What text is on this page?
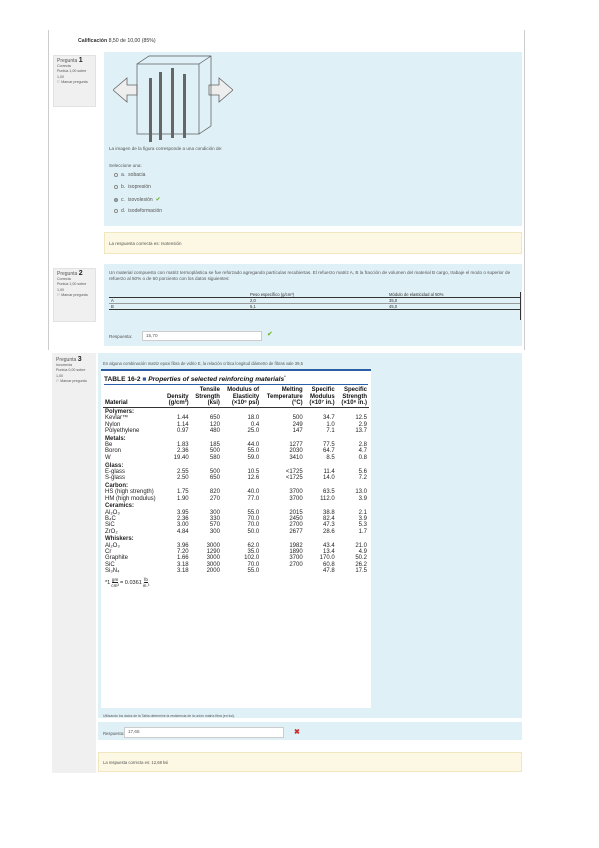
Calificación 8,50 de 10,00 (85%)
Pregunta 1
Correcta
Puntúa 1,00 sobre 1,00
⚐ Marcar pregunta
La imagen de la figura corresponde a una condición de:
Seleccione una:
a. sobacia
b. isopresión
c. isovolesión ✔
d. isodeformación
La respuesta correcta es: Isotensión
Pregunta 2
Correcta
Puntúa 1,00 sobre 1,00
⚐ Marcar pregunta
Un material compuesto con matriz termoplástica se fue reforzado agregando partículas recubiertas. El refuerzo matriz A, B la fracción de volumen del material B cargo, trabaje el modo o superior de refuerzo al 50% o de 60 porciento con los datos siguientes:
	Peso específico (g/cm³)	Módulo de elasticidad al 50%
A	2,0	35,0
B	5,1	45,0
Respuesta:	15,70	✔
Pregunta 3
Incorrecta
Puntúa 0,00 sobre 1,00
⚐ Marcar pregunta
En alguna combinación matriz epoxi fibra de vidrio E, la relación crítica longitud diámetro de fibras vale 39,5
TABLE 16-2 ■ Properties of selected reinforcing materials*
		Tensile	Modulus of	Melting	Specific	Specific
	Density	Strength	Elasticity	Temperature	Modulus	Strength
Material	(g/cm³)	(ksi)	(×10⁶ psi)	(°C)	(×10⁷ in.)	(×10⁶ in.)
Polymers:						
Kevlar™	1.44	650	18.0	500	34.7	12.5
Nylon	1.14	120	0.4	249	1.0	2.9
Polyethylene	0.97	480	25.0	147	7.1	13.7
Metals:						
Be	1.83	185	44.0	1277	77.5	2.8
Boron	2.36	500	55.0	2030	64.7	4.7
W	19.40	580	59.0	3410	8.5	0.8
Glass:						
E-glass	2.55	500	10.5	<1725	11.4	5.6
S-glass	2.50	650	12.6	<1725	14.0	7.2
Carbon:						
HS (high strength)	1.75	820	40.0	3700	63.5	13.0
HM (high modulus)	1.90	270	77.0	3700	112.0	3.9
Ceramics:						
Al₂O₃	3.95	300	55.0	2015	38.8	2.1
B₄C	2.36	330	70.0	2450	82.4	3.9
SiC	3.00	570	70.0	2700	47.3	5.3
ZrO₂	4.84	300	50.0	2677	28.6	1.7
Whiskers:						
Al₂O₃	3.96	3000	62.0	1982	43.4	21.0
Cr	7.20	1290	35.0	1890	13.4	4.9
Graphite	1.66	3000	102.0	3700	170.0	50.2
SiC	3.18	3000	70.0	2700	60.8	26.2
Si₃N₄	3.18	2000	55.0		47.8	17.5
$*1 \frac{gm}{\text{cm³}} = 0.0361$ lb
in.³
Utilizando los datos de la Tabla determine la resistencia de la unión matriz-fibra (en ksi).
Respuesta: 17,65	✖
La respuesta correcta es: 12,68 ksi
